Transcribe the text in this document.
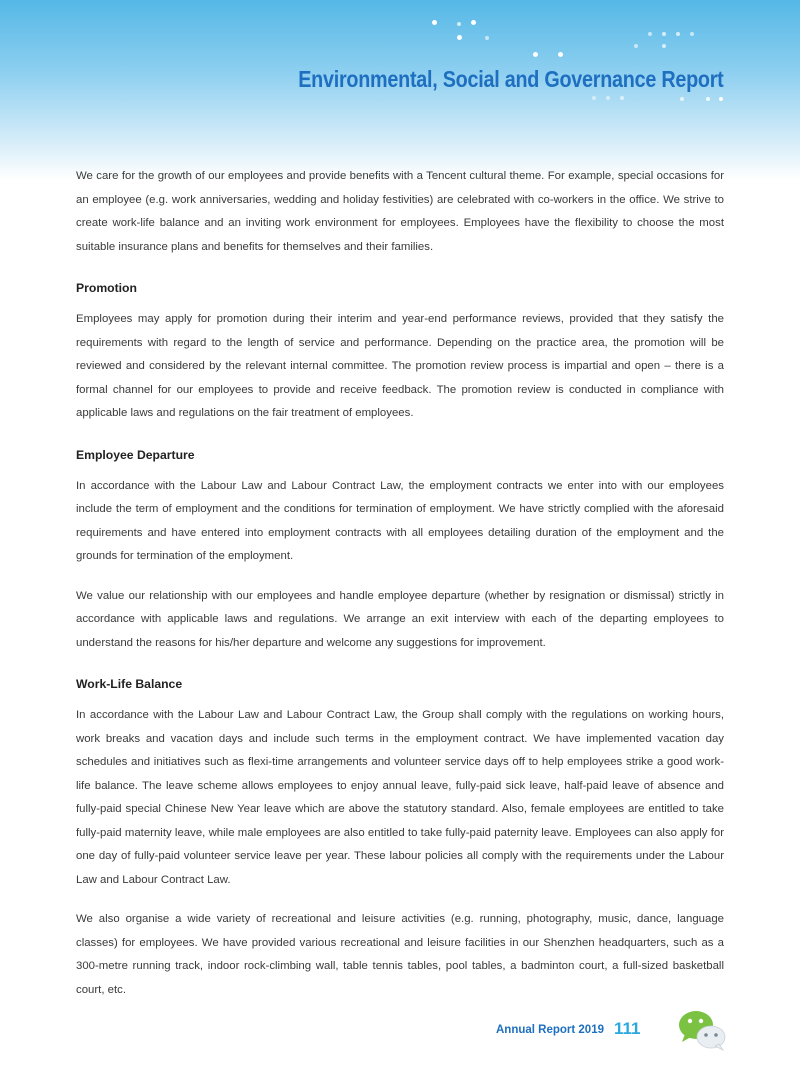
Environmental, Social and Governance Report

We care for the growth of our employees and provide benefits with a Tencent cultural theme. For example, special occasions for an employee (e.g. work anniversaries, wedding and holiday festivities) are celebrated with co-workers in the office. We strive to create work-life balance and an inviting work environment for employees. Employees have the flexibility to choose the most suitable insurance plans and benefits for themselves and their families.

Promotion

Employees may apply for promotion during their interim and year-end performance reviews, provided that they satisfy the requirements with regard to the length of service and performance. Depending on the practice area, the promotion will be reviewed and considered by the relevant internal committee. The promotion review process is impartial and open – there is a formal channel for our employees to provide and receive feedback. The promotion review is conducted in compliance with applicable laws and regulations on the fair treatment of employees.

Employee Departure

In accordance with the Labour Law and Labour Contract Law, the employment contracts we enter into with our employees include the term of employment and the conditions for termination of employment. We have strictly complied with the aforesaid requirements and have entered into employment contracts with all employees detailing duration of the employment and the grounds for termination of the employment.

We value our relationship with our employees and handle employee departure (whether by resignation or dismissal) strictly in accordance with applicable laws and regulations. We arrange an exit interview with each of the departing employees to understand the reasons for his/her departure and welcome any suggestions for improvement.

Work-Life Balance

In accordance with the Labour Law and Labour Contract Law, the Group shall comply with the regulations on working hours, work breaks and vacation days and include such terms in the employment contract. We have implemented vacation day schedules and initiatives such as flexi-time arrangements and volunteer service days off to help employees strike a good work-life balance. The leave scheme allows employees to enjoy annual leave, fully-paid sick leave, half-paid leave of absence and fully-paid special Chinese New Year leave which are above the statutory standard. Also, female employees are entitled to take fully-paid maternity leave, while male employees are also entitled to take fully-paid paternity leave. Employees can also apply for one day of fully-paid volunteer service leave per year. These labour policies all comply with the requirements under the Labour Law and Labour Contract Law.

We also organise a wide variety of recreational and leisure activities (e.g. running, photography, music, dance, language classes) for employees. We have provided various recreational and leisure facilities in our Shenzhen headquarters, such as a 300-metre running track, indoor rock-climbing wall, table tennis tables, pool tables, a badminton court, a full-sized basketball court, etc.

Annual Report 2019 111
